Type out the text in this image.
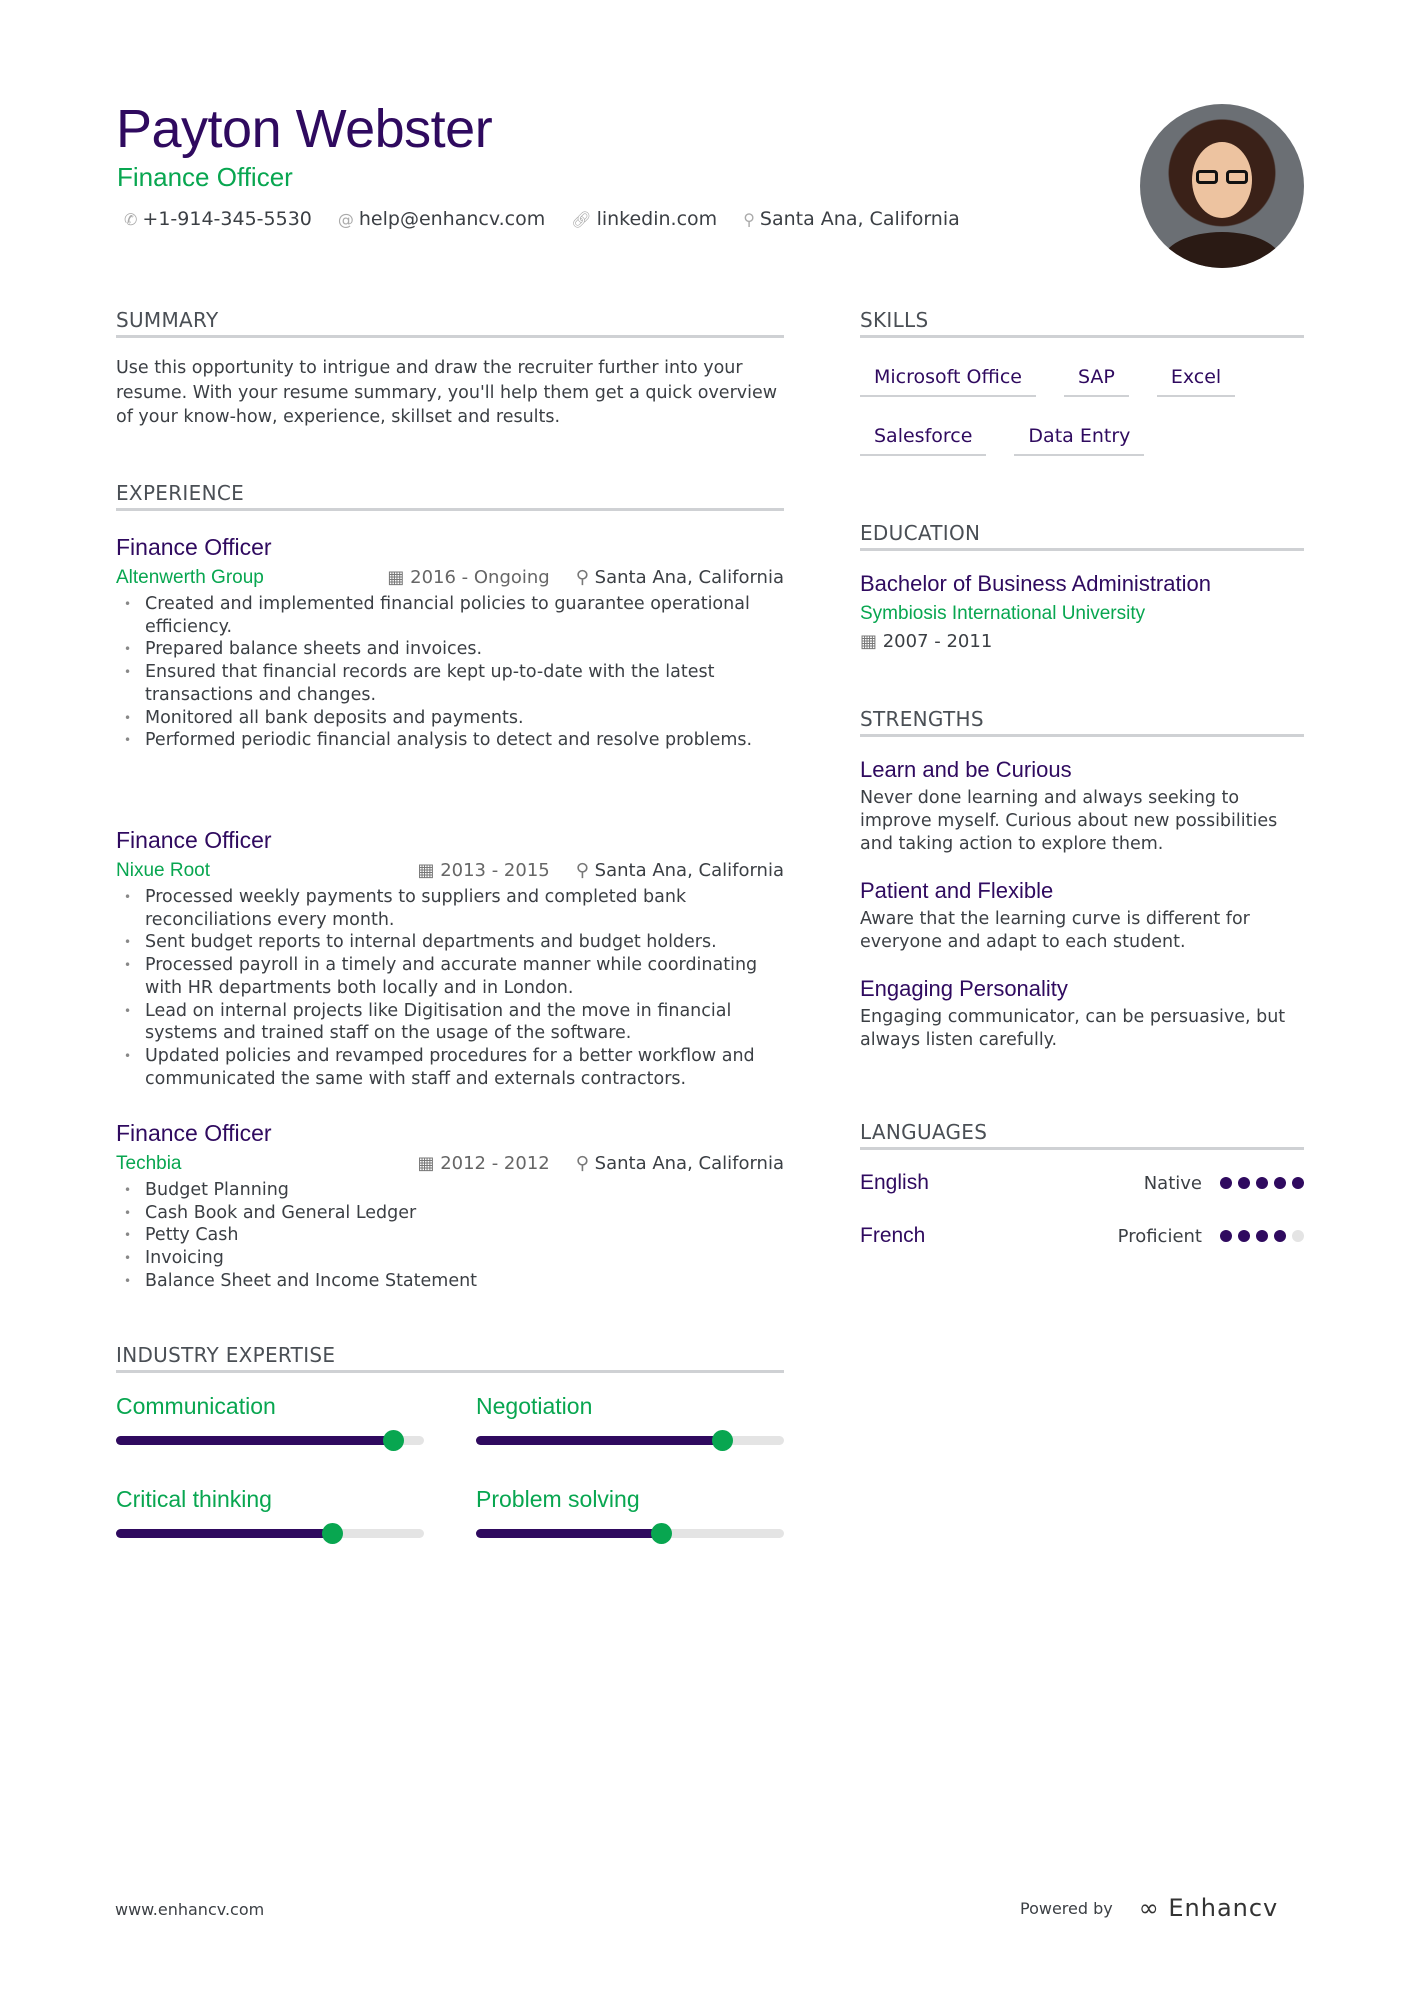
Payton Webster
Finance Officer
✆ +1-914-345-5530 @ help@enhancv.com 🔗︎ linkedin.com ⚲ Santa Ana, California
SUMMARY
Use this opportunity to intrigue and draw the recruiter further into your resume. With your resume summary, you'll help them get a quick overview of your know-how, experience, skillset and results.
EXPERIENCE
Finance Officer
Altenwerth Group	▦ 2016 - Ongoing ⚲ Santa Ana, California
• Created and implemented financial policies to guarantee operational efficiency.
• Prepared balance sheets and invoices.
• Ensured that financial records are kept up-to-date with the latest transactions and changes.
• Monitored all bank deposits and payments.
• Performed periodic financial analysis to detect and resolve problems.
Finance Officer
Nixue Root	▦ 2013 - 2015 ⚲ Santa Ana, California
• Processed weekly payments to suppliers and completed bank reconciliations every month.
• Sent budget reports to internal departments and budget holders.
• Processed payroll in a timely and accurate manner while coordinating with HR departments both locally and in London.
• Lead on internal projects like Digitisation and the move in financial systems and trained staff on the usage of the software.
• Updated policies and revamped procedures for a better workflow and communicated the same with staff and externals contractors.
Finance Officer
Techbia	▦ 2012 - 2012 ⚲ Santa Ana, California
• Budget Planning
• Cash Book and General Ledger
• Petty Cash
• Invoicing
• Balance Sheet and Income Statement
INDUSTRY EXPERTISE
Communication	Negotiation
Critical thinking	Problem solving
SKILLS
Microsoft Office	SAP	Excel
Salesforce	Data Entry
EDUCATION
Bachelor of Business Administration
Symbiosis International University
▦ 2007 - 2011
STRENGTHS
Learn and be Curious
Never done learning and always seeking to improve myself. Curious about new possibilities and taking action to explore them.
Patient and Flexible
Aware that the learning curve is different for everyone and adapt to each student.
Engaging Personality
Engaging communicator, can be persuasive, but always listen carefully.
LANGUAGES
English	Native
French	Proficient
www.enhancv.com	Powered by ∞ Enhancv
